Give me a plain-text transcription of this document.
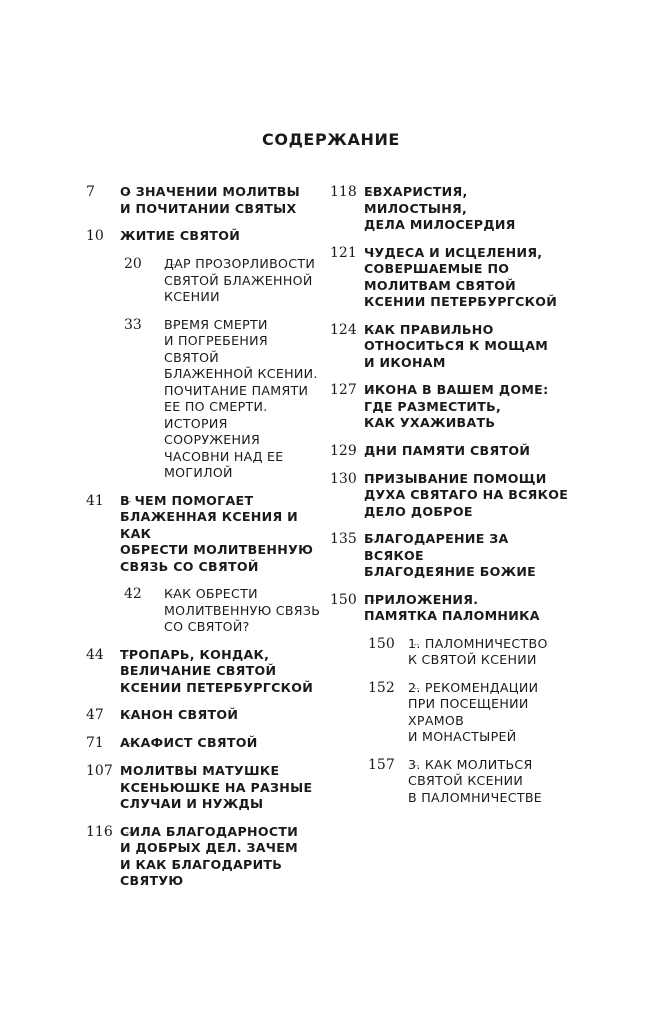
СОДЕРЖАНИЕ
7 - -	О ЗНАЧЕНИИ МОЛИТВЫ
И ПОЧИТАНИИ СВЯТЫХ
10 - -	ЖИТИЕ СВЯТОЙ
20 - -	ДАР ПРОЗОРЛИВОСТИ
СВЯТОЙ БЛАЖЕННОЙ
КСЕНИИ
33 - -	ВРЕМЯ СМЕРТИ
И ПОГРЕБЕНИЯ СВЯТОЙ
БЛАЖЕННОЙ КСЕНИИ.
ПОЧИТАНИЕ ПАМЯТИ
ЕЕ ПО СМЕРТИ.
ИСТОРИЯ
СООРУЖЕНИЯ
ЧАСОВНИ НАД ЕЕ
МОГИЛОЙ
41 - -	В ЧЕМ ПОМОГАЕТ
БЛАЖЕННАЯ КСЕНИЯ И КАК
ОБРЕСТИ МОЛИТВЕННУЮ
СВЯЗЬ СО СВЯТОЙ
42 - -	КАК ОБРЕСТИ
МОЛИТВЕННУЮ СВЯЗЬ
СО СВЯТОЙ?
44 - -	ТРОПАРЬ, КОНДАК,
ВЕЛИЧАНИЕ СВЯТОЙ
КСЕНИИ ПЕТЕРБУРГСКОЙ
47 - -	КАНОН СВЯТОЙ
71 - -	АКАФИСТ СВЯТОЙ
107 - - МОЛИТВЫ МАТУШКЕ
КСЕНЬЮШКЕ НА РАЗНЫЕ
СЛУЧАИ И НУЖДЫ
116 - - СИЛА БЛАГОДАРНОСТИ
И ДОБРЫХ ДЕЛ. ЗАЧЕМ
И КАК БЛАГОДАРИТЬ
СВЯТУЮ
118 - - ЕВХАРИСТИЯ, МИЛОСТЫНЯ,
ДЕЛА МИЛОСЕРДИЯ
121 - - ЧУДЕСА И ИСЦЕЛЕНИЯ,
СОВЕРШАЕМЫЕ ПО
МОЛИТВАМ СВЯТОЙ
КСЕНИИ ПЕТЕРБУРГСКОЙ
124 - - КАК ПРАВИЛЬНО
ОТНОСИТЬСЯ К МОЩАМ
И ИКОНАМ
127 - - ИКОНА В ВАШЕМ ДОМЕ:
ГДЕ РАЗМЕСТИТЬ,
КАК УХАЖИВАТЬ
129 - - ДНИ ПАМЯТИ СВЯТОЙ
130 - - ПРИЗЫВАНИЕ ПОМОЩИ
ДУХА СВЯТАГО НА ВСЯКОЕ
ДЕЛО ДОБРОЕ
135 - - БЛАГОДАРЕНИЕ ЗА ВСЯКОЕ
БЛАГОДЕЯНИЕ БОЖИЕ
150 - - ПРИЛОЖЕНИЯ.
ПАМЯТКА ПАЛОМНИКА
150 - -	1. ПАЛОМНИЧЕСТВО
К СВЯТОЙ КСЕНИИ
152 - -	2. РЕКОМЕНДАЦИИ
ПРИ ПОСЕЩЕНИИ
ХРАМОВ
И МОНАСТЫРЕЙ
157 - -	3. КАК МОЛИТЬСЯ
СВЯТОЙ КСЕНИИ
В ПАЛОМНИЧЕСТВЕ
